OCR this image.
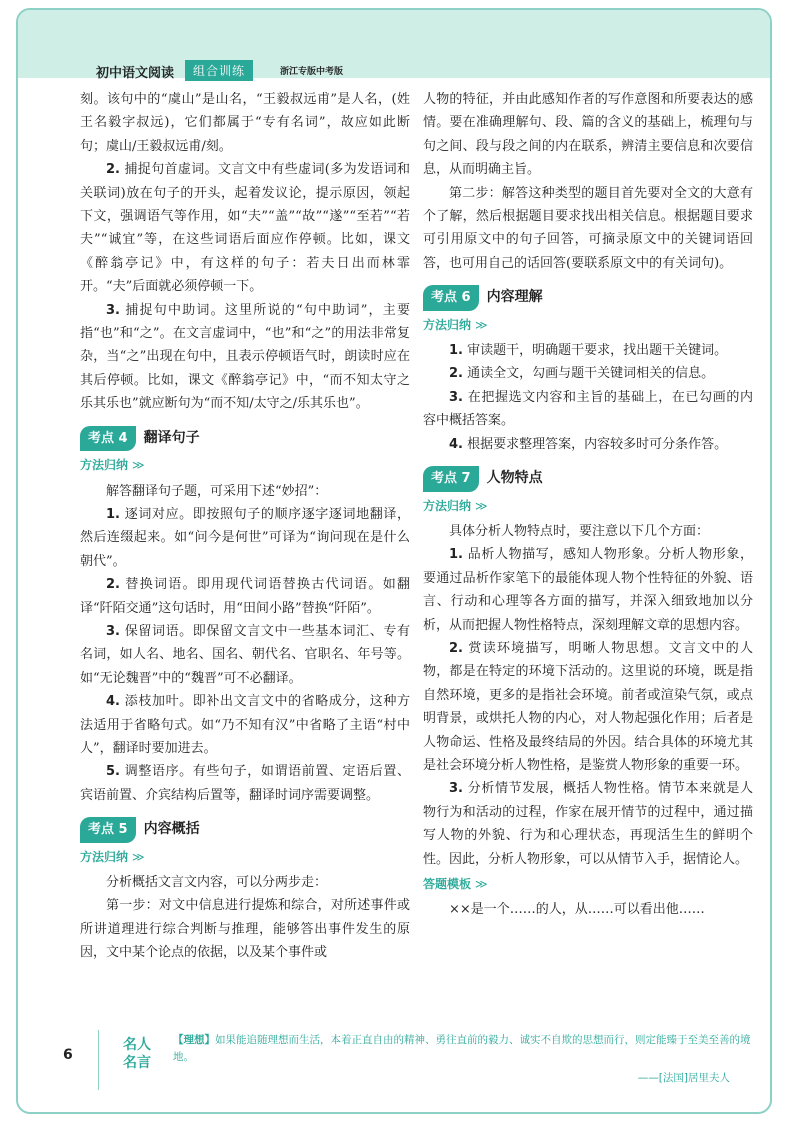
初中语文阅读	组合训练	浙江专版中考版

刻。该句中的“虞山”是山名，“王毅叔远甫”是人名，(姓王名毅字叔远)，它们都属于“专有名词”，故应如此断句；虞山/王毅叔远甫/刻。

2. 捕捉句首虚词。文言文中有些虚词(多为发语词和关联词)放在句子的开头，起着发议论，提示原因，领起下文，强调语气等作用，如“夫”“盖”“故”“遂”“至若”“若夫”“诚宜”等，在这些词语后面应作停顿。比如，课文《醉翁亭记》中，有这样的句子：若夫日出而林霏开。“夫”后面就必须停顿一下。

3. 捕捉句中助词。这里所说的“句中助词”，主要指“也”和“之”。在文言虚词中，“也”和“之”的用法非常复杂，当“之”出现在句中，且表示停顿语气时，朗读时应在其后停顿。比如，课文《醉翁亭记》中，“而不知太守之乐其乐也”就应断句为“而不知/太守之/乐其乐也”。

考点 4	翻译句子
方法归纳 ≫

解答翻译句子题，可采用下述“妙招”：

1. 逐词对应。即按照句子的顺序逐字逐词地翻译，然后连缀起来。如“问今是何世”可译为“询问现在是什么朝代”。

2. 替换词语。即用现代词语替换古代词语。如翻译“阡陌交通”这句话时，用“田间小路”替换“阡陌”。

3. 保留词语。即保留文言文中一些基本词汇、专有名词，如人名、地名、国名、朝代名、官职名、年号等。如“无论魏晋”中的“魏晋”可不必翻译。

4. 添枝加叶。即补出文言文中的省略成分，这种方法适用于省略句式。如“乃不知有汉”中省略了主语“村中人”，翻译时要加进去。

5. 调整语序。有些句子，如谓语前置、定语后置、宾语前置、介宾结构后置等，翻译时词序需要调整。

考点 5	内容概括
方法归纳 ≫

分析概括文言文内容，可以分两步走：

第一步：对文中信息进行提炼和综合，对所述事件或所讲道理进行综合判断与推理，能够答出事件发生的原因，文中某个论点的依据，以及某个事件或

人物的特征，并由此感知作者的写作意图和所要表达的感情。要在准确理解句、段、篇的含义的基础上，梳理句与句之间、段与段之间的内在联系，辨清主要信息和次要信息，从而明确主旨。

第二步：解答这种类型的题目首先要对全文的大意有个了解，然后根据题目要求找出相关信息。根据题目要求可引用原文中的句子回答，可摘录原文中的关键词语回答，也可用自己的话回答(要联系原文中的有关词句)。

考点 6	内容理解
方法归纳 ≫

1. 审读题干，明确题干要求，找出题干关键词。

2. 通读全文，勾画与题干关键词相关的信息。

3. 在把握选文内容和主旨的基础上，在已勾画的内容中概括答案。

4. 根据要求整理答案，内容较多时可分条作答。

考点 7	人物特点
方法归纳 ≫

具体分析人物特点时，要注意以下几个方面：

1. 品析人物描写，感知人物形象。分析人物形象，要通过品析作家笔下的最能体现人物个性特征的外貌、语言、行动和心理等各方面的描写，并深入细致地加以分析，从而把握人物性格特点，深刻理解文章的思想内容。

2. 赏读环境描写，明晰人物思想。文言文中的人物，都是在特定的环境下活动的。这里说的环境，既是指自然环境，更多的是指社会环境。前者或渲染气氛，或点明背景，或烘托人物的内心，对人物起强化作用；后者是人物命运、性格及最终结局的外因。结合具体的环境尤其是社会环境分析人物性格，是鉴赏人物形象的重要一环。

3. 分析情节发展，概括人物性格。情节本来就是人物行为和活动的过程，作家在展开情节的过程中，通过描写人物的外貌、行为和心理状态，再现活生生的鲜明个性。因此，分析人物形象，可以从情节入手，据情论人。

答题模板 ≫

××是一个……的人，从……可以看出他……

6
名人
名言
【理想】如果能追随理想而生活，本着正直自由的精神、勇往直前的毅力、诚实不自欺的思想而行，则定能臻于至美至善的境地。
——[法国]居里夫人
